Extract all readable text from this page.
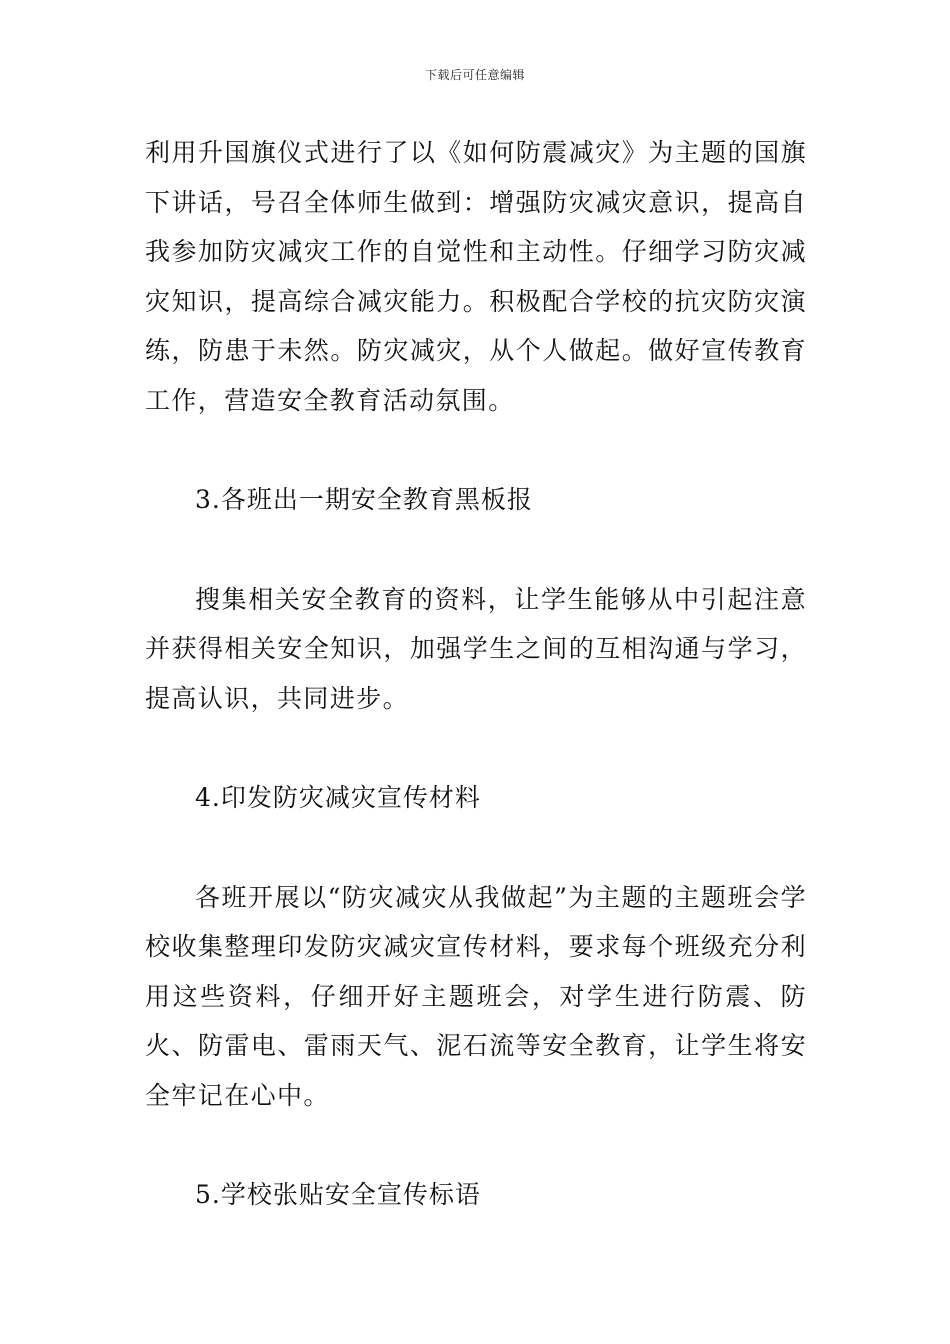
下载后可任意编辑

利用升国旗仪式进行了以《如何防震减灾》为主题的国旗下讲话，号召全体师生做到：增强防灾减灾意识，提高自我参加防灾减灾工作的自觉性和主动性。仔细学习防灾减灾知识，提高综合减灾能力。积极配合学校的抗灾防灾演练，防患于未然。防灾减灾，从个人做起。做好宣传教育工作，营造安全教育活动氛围。

3.各班出一期安全教育黑板报

搜集相关安全教育的资料，让学生能够从中引起注意并获得相关安全知识，加强学生之间的互相沟通与学习，提高认识，共同进步。

4.印发防灾减灾宣传材料

各班开展以“防灾减灾从我做起”为主题的主题班会学校收集整理印发防灾减灾宣传材料，要求每个班级充分利用这些资料，仔细开好主题班会，对学生进行防震、防火、防雷电、雷雨天气、泥石流等安全教育，让学生将安全牢记在心中。

5.学校张贴安全宣传标语
